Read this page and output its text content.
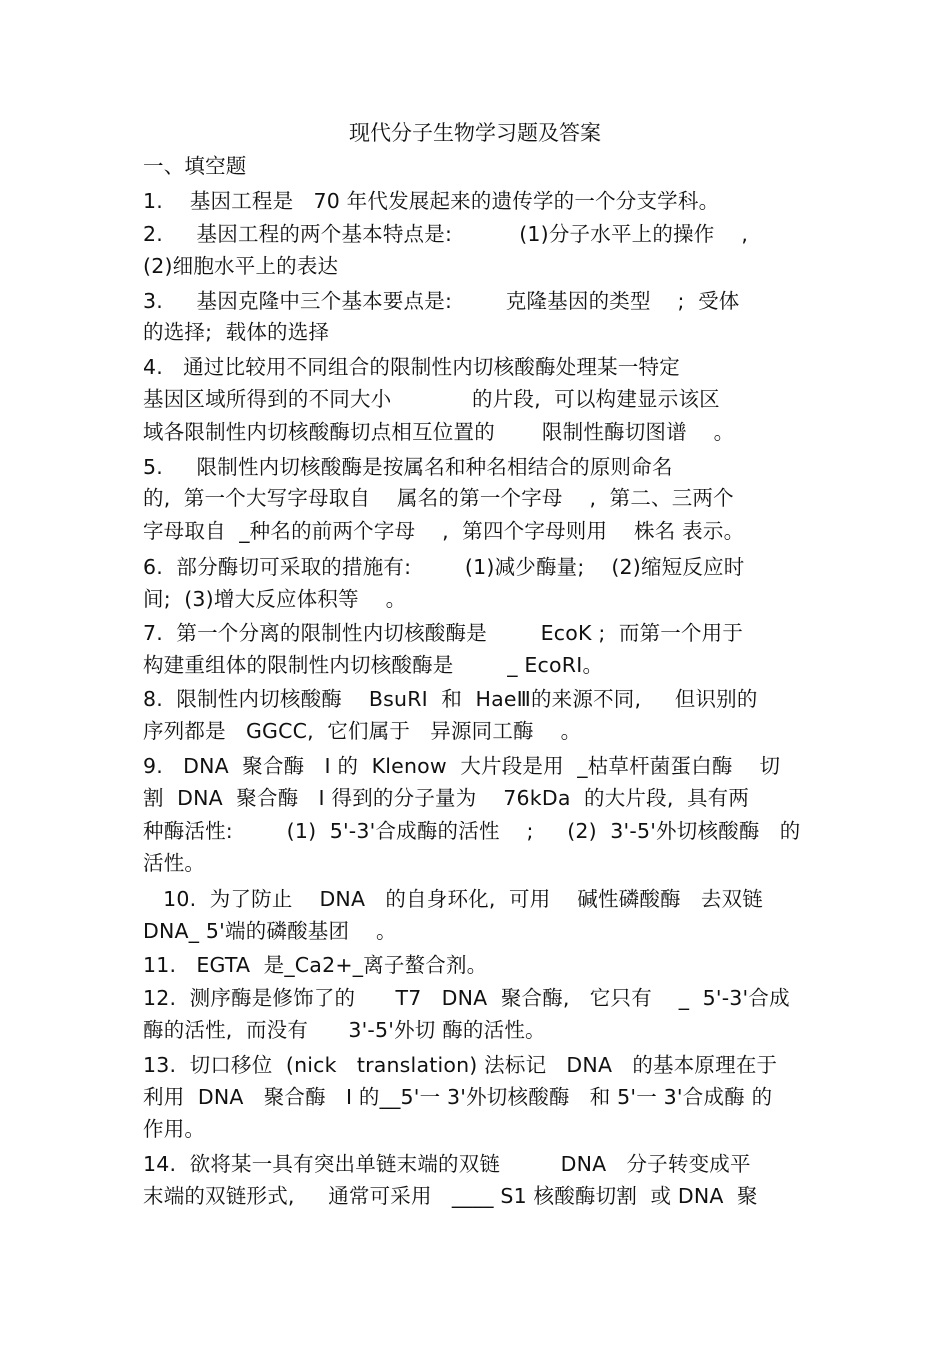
现代分子生物学习题及答案
一、填空题
1.    基因工程是   70 年代发展起来的遗传学的一个分支学科。
2.     基因工程的两个基本特点是:          (1)分子水平上的操作    ,
(2)细胞水平上的表达
3.     基因克隆中三个基本要点是:        克隆基因的类型    ;  受体
的选择;  载体的选择
4.   通过比较用不同组合的限制性内切核酸酶处理某一特定
基因区域所得到的不同大小            的片段,  可以构建显示该区
域各限制性内切核酸酶切点相互位置的       限制性酶切图谱    。
5.     限制性内切核酸酶是按属名和种名相结合的原则命名
的,  第一个大写字母取自    属名的第一个字母    ,  第二、三两个
字母取自  _种名的前两个字母    ,  第四个字母则用    株名 表示。
6.  部分酶切可采取的措施有:        (1)减少酶量;    (2)缩短反应时
间;  (3)增大反应体积等    。
7.  第一个分离的限制性内切核酸酶是        EcoK ;  而第一个用于
构建重组体的限制性内切核酸酶是        _ EcoRI。
8.  限制性内切核酸酶    BsuRI  和  HaeⅢ的来源不同,     但识别的
序列都是   GGCC,  它们属于   异源同工酶    。
9.   DNA  聚合酶   I 的  Klenow  大片段是用  _枯草杆菌蛋白酶    切
割  DNA  聚合酶   I 得到的分子量为    76kDa  的大片段,  具有两
种酶活性:        (1)  5'-3'合成酶的活性    ;     (2)  3'-5'外切核酸酶   的
活性。
10.  为了防止    DNA   的自身环化,  可用    碱性磷酸酶   去双链
DNA_ 5'端的磷酸基团    。
11.   EGTA  是_Ca2+_离子螯合剂。
12.  测序酶是修饰了的      T7   DNA  聚合酶,   它只有    _  5'-3'合成
酶的活性,  而没有      3'-5'外切 酶的活性。
13.  切口移位  (nick   translation) 法标记   DNA   的基本原理在于
利用  DNA   聚合酶   I 的__5'一 3'外切核酸酶   和 5'一 3'合成酶 的
作用。
14.  欲将某一具有突出单链末端的双链         DNA   分子转变成平
末端的双链形式,     通常可采用   ____ S1 核酸酶切割  或 DNA  聚
